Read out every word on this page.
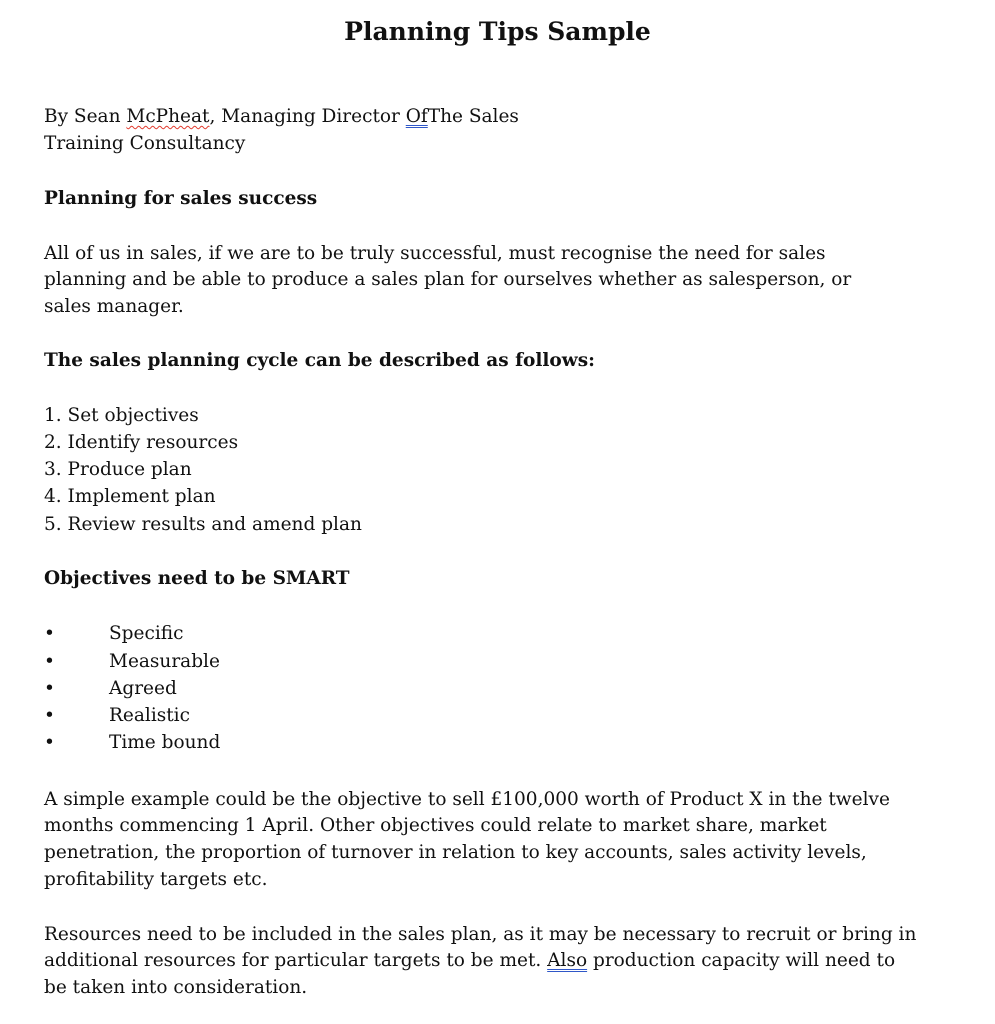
Planning Tips Sample
By Sean McPheat, Managing Director OfThe Sales
Training Consultancy
Planning for sales success
All of us in sales, if we are to be truly successful, must recognise the need for sales
planning and be able to produce a sales plan for ourselves whether as salesperson, or
sales manager.
The sales planning cycle can be described as follows:
1. Set objectives
2. Identify resources
3. Produce plan
4. Implement plan
5. Review results and amend plan
Objectives need to be SMART
•	Specific
•	Measurable
•	Agreed
•	Realistic
•	Time bound
A simple example could be the objective to sell £100,000 worth of Product X in the twelve
months commencing 1 April. Other objectives could relate to market share, market
penetration, the proportion of turnover in relation to key accounts, sales activity levels,
profitability targets etc.
Resources need to be included in the sales plan, as it may be necessary to recruit or bring in
additional resources for particular targets to be met. Also production capacity will need to
be taken into consideration.
